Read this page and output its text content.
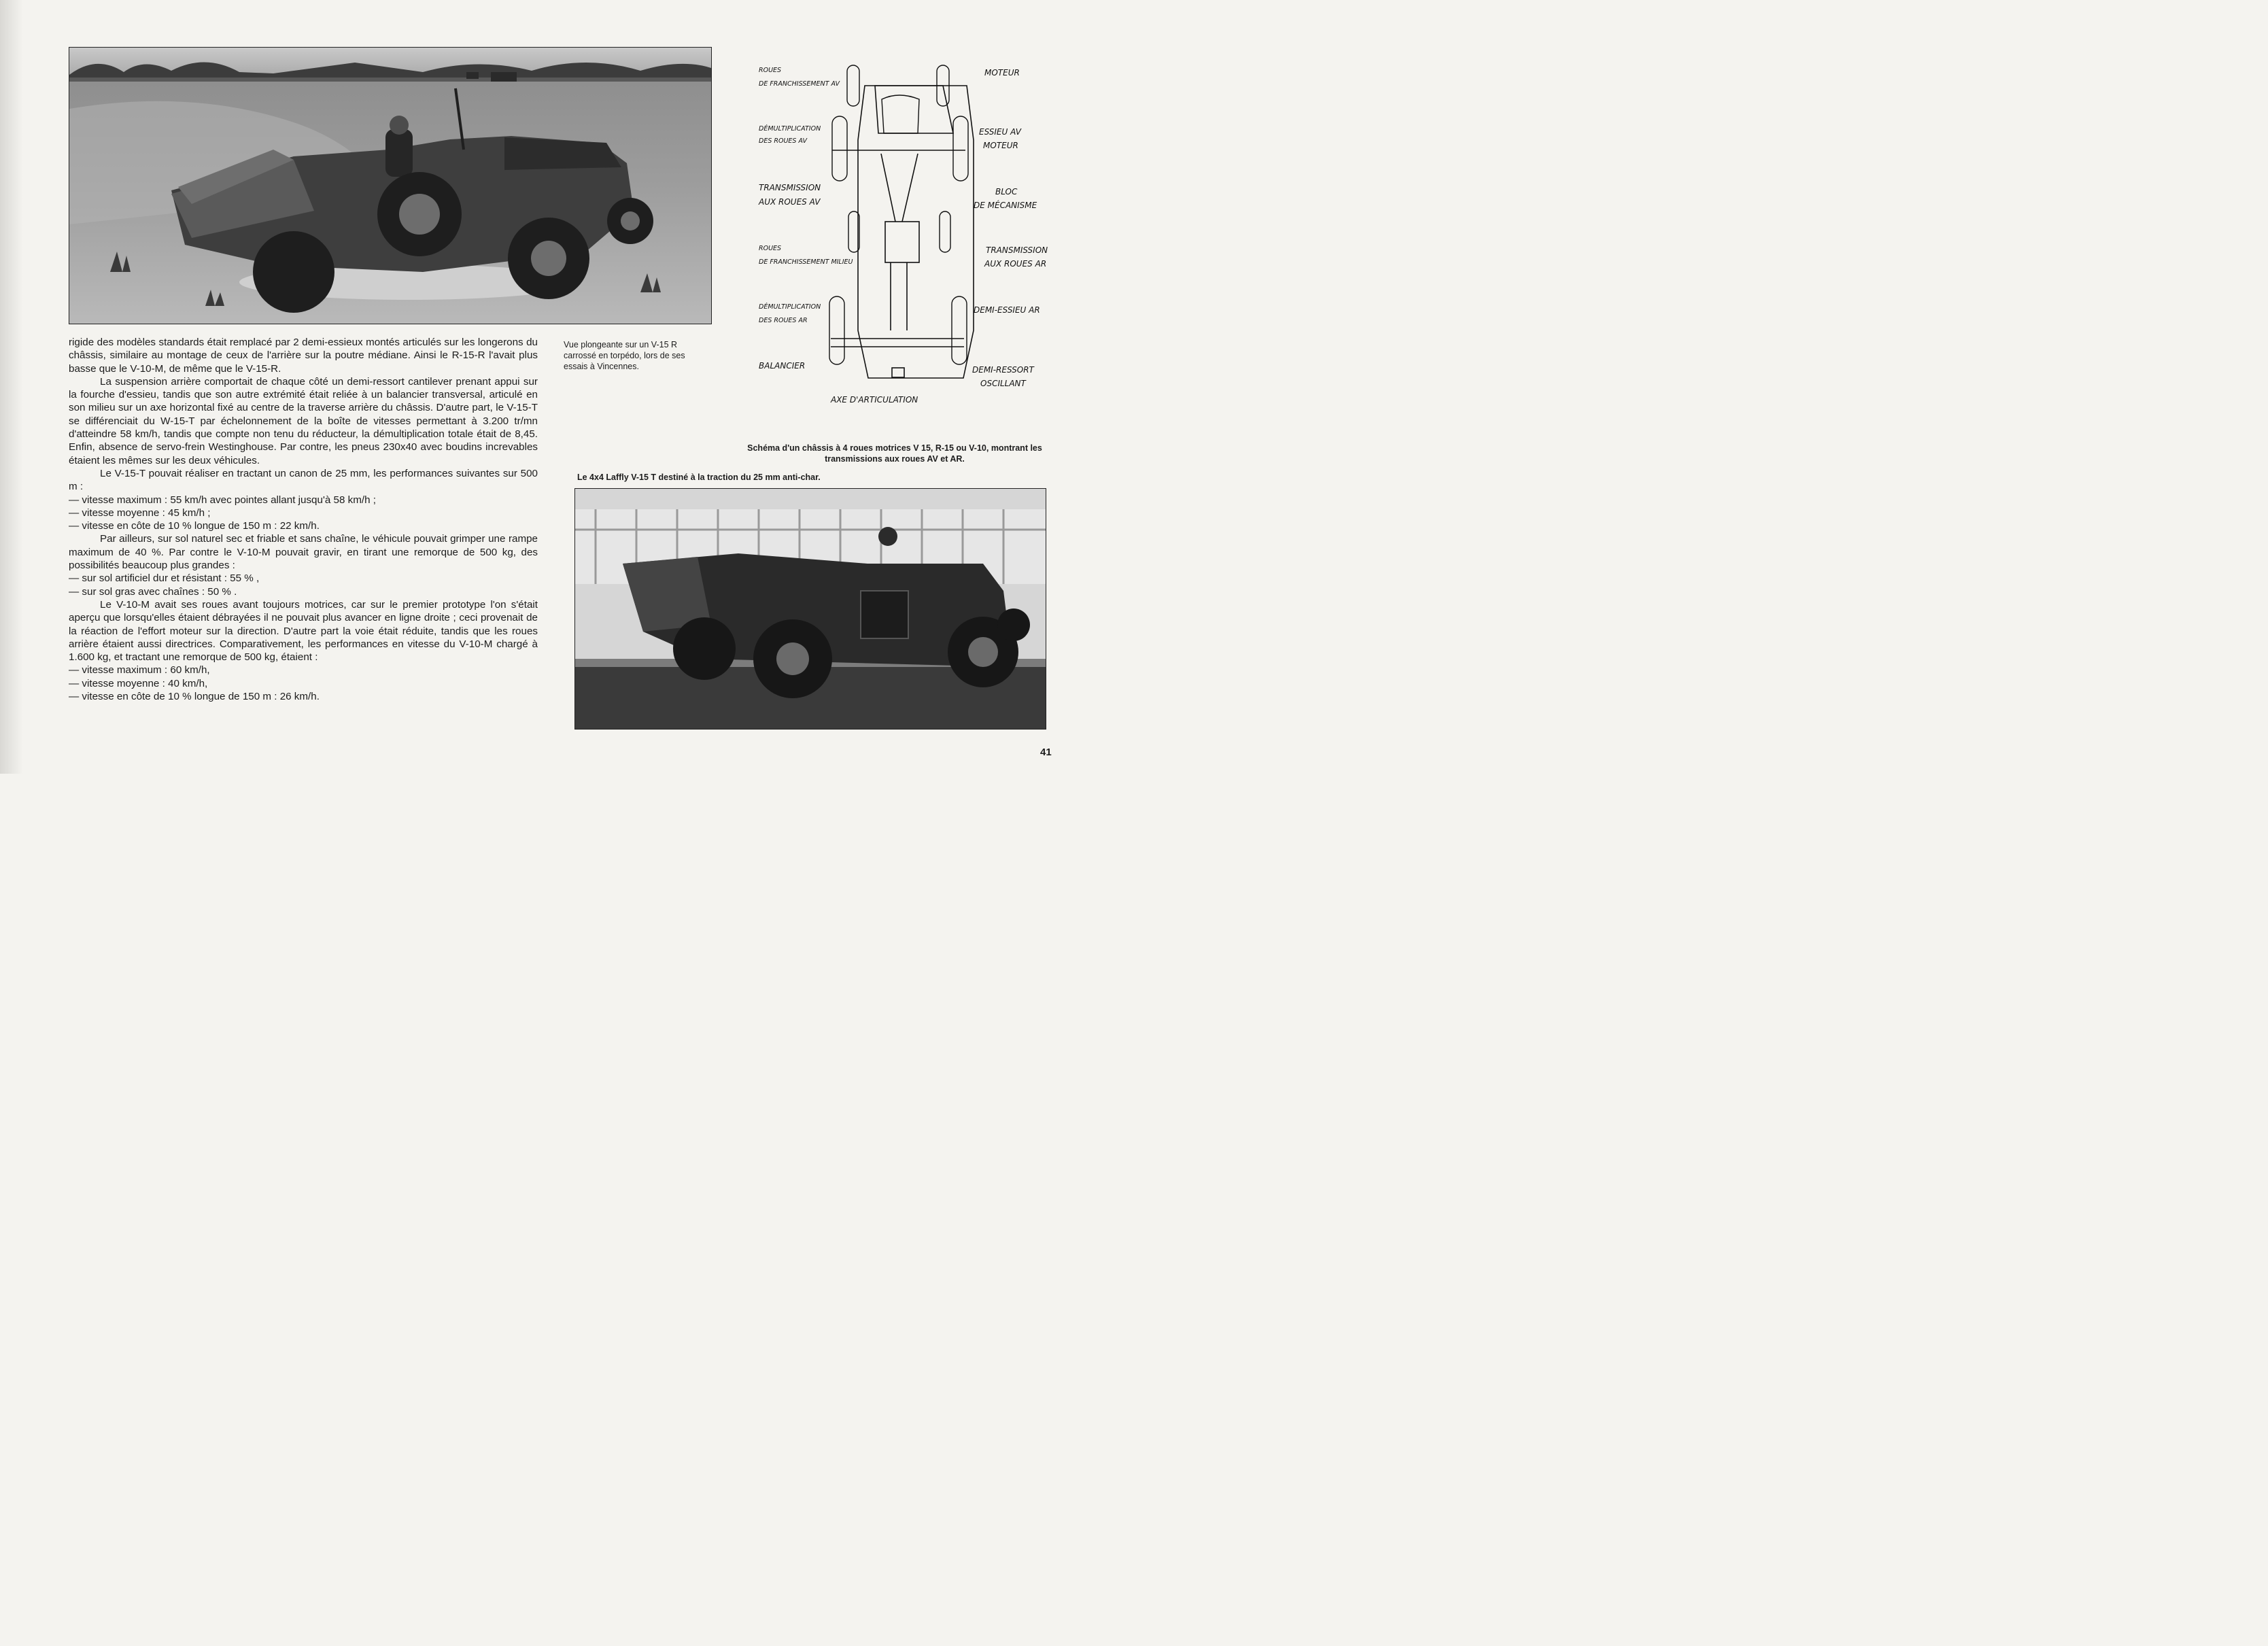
Vue plongeante sur un V-15 R carrossé en torpédo, lors de ses essais à Vincennes.
ROUES
DE FRANCHISSEMENT AV
MOTEUR
DÉMULTIPLICATION
DES ROUES AV
ESSIEU AV
MOTEUR
TRANSMISSION
AUX ROUES AV
BLOC
DE MÉCANISME
ROUES
DE FRANCHISSEMENT MILIEU
TRANSMISSION
AUX ROUES AR
DÉMULTIPLICATION
DES ROUES AR
DEMI-ESSIEU AR
BALANCIER	DEMI-RESSORT
OSCILLANT
AXE D'ARTICULATION
Schéma d'un châssis à 4 roues motrices V 15, R-15 ou V-10, montrant les transmissions aux roues AV et AR.
Le 4x4 Laffly V-15 T destiné à la traction du 25 mm anti-char.

rigide des modèles standards était remplacé par 2 demi-essieux montés articulés sur les longerons du châssis, similaire au montage de ceux de l'arrière sur la poutre médiane. Ainsi le R-15-R l'avait plus basse que le V-10-M, de même que le V-15-R.

La suspension arrière comportait de chaque côté un demi-ressort cantilever prenant appui sur la fourche d'essieu, tandis que son autre extrémité était reliée à un balancier transversal, articulé en son milieu sur un axe horizontal fixé au centre de la traverse arrière du châssis. D'autre part, le V-15-T se différenciait du W-15-T par échelonnement de la boîte de vitesses permettant à 3.200 tr/mn d'atteindre 58 km/h, tandis que compte non tenu du réducteur, la démultiplication totale était de 8,45. Enfin, absence de servo-frein Westinghouse. Par contre, les pneus 230x40 avec boudins increvables étaient les mêmes sur les deux véhicules.

Le V-15-T pouvait réaliser en tractant un canon de 25 mm, les performances suivantes sur 500 m :

— vitesse maximum : 55 km/h avec pointes allant jusqu'à 58 km/h ;

— vitesse moyenne : 45 km/h ;

— vitesse en côte de 10 % longue de 150 m : 22 km/h.

Par ailleurs, sur sol naturel sec et friable et sans chaîne, le véhicule pouvait grimper une rampe maximum de 40 %. Par contre le V-10-M pouvait gravir, en tirant une remorque de 500 kg, des possibilités beaucoup plus grandes :

— sur sol artificiel dur et résistant : 55 % ,

— sur sol gras avec chaînes : 50 % .

Le V-10-M avait ses roues avant toujours motrices, car sur le premier prototype l'on s'était aperçu que lorsqu'elles étaient débrayées il ne pouvait plus avancer en ligne droite ; ceci provenait de la réaction de l'effort moteur sur la direction. D'autre part la voie était réduite, tandis que les roues arrière étaient aussi directrices. Comparativement, les performances en vitesse du V-10-M chargé à 1.600 kg, et tractant une remorque de 500 kg, étaient :

— vitesse maximum : 60 km/h,

— vitesse moyenne : 40 km/h,

— vitesse en côte de 10 % longue de 150 m : 26 km/h.

41
